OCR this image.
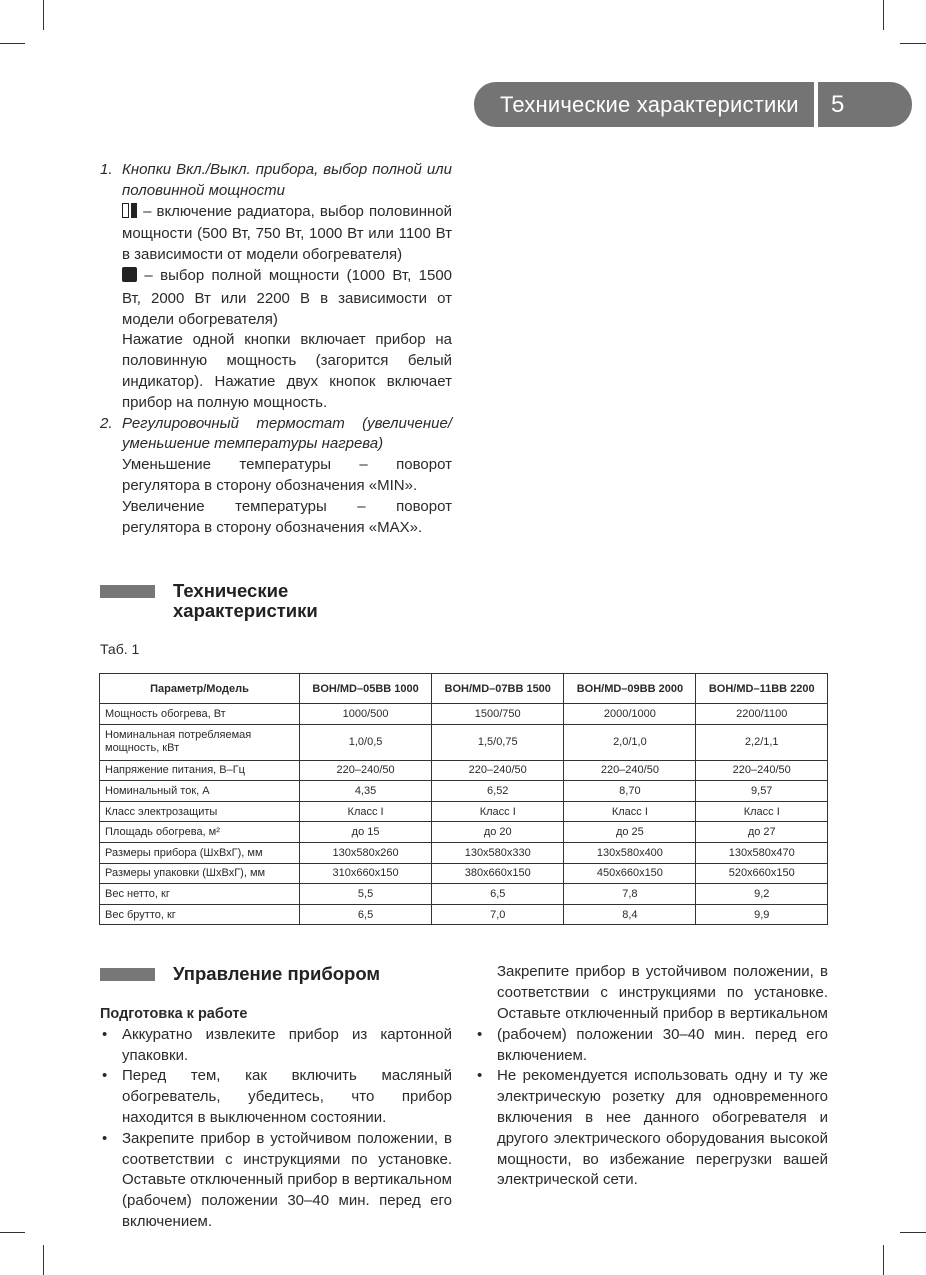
Технические характеристики	5
1. Кнопки Вкл./Выкл. прибора, выбор полной или половинной мощности
– включение радиатора, выбор половинной мощности (500 Вт, 750 Вт, 1000 Вт или 1100 Вт в зависимости от модели обогревателя)
– выбор полной мощности (1000 Вт, 1500 Вт, 2000 Вт или 2200 В в зависимости от модели обогревателя)
Нажатие одной кнопки включает прибор на половинную мощность (загорится белый индикатор). Нажатие двух кнопок включает прибор на полную мощность.
2. Регулировочный термостат (увеличение/уменьшение температуры нагрева)
Уменьшение температуры – поворот регулятора в сторону обозначения «MIN».
Увеличение температуры – поворот регулятора в сторону обозначения «MAX».
Технические характеристики
Таб. 1
Параметр/Модель	BOH/MD–05BB 1000	BOH/MD–07BB 1500	BOH/MD–09BB 2000	BOH/MD–11BB 2200
Мощность обогрева, Вт	1000/500	1500/750	2000/1000	2200/1100
Номинальная потребляемая мощность, кВт	1,0/0,5	1,5/0,75	2,0/1,0	2,2/1,1
Напряжение питания, В–Гц	220–240/50	220–240/50	220–240/50	220–240/50
Номинальный ток, А	4,35	6,52	8,70	9,57
Класс электрозащиты	Класс I	Класс I	Класс I	Класс I
Площадь обогрева, м²	до 15	до 20	до 25	до 27
Размеры прибора (ШхВхГ), мм	130х580х260	130х580х330	130х580х400	130х580х470
Размеры упаковки (ШхВхГ), мм	310х660х150	380х660х150	450х660х150	520х660х150
Вес нетто, кг	5,5	6,5	7,8	9,2
Вес брутто, кг	6,5	7,0	8,4	9,9
Управление прибором
Подготовка к работе
• Аккуратно извлеките прибор из картонной упаковки.
• Перед тем, как включить масляный обогреватель, убедитесь, что прибор находится в выключенном состоянии.
• Закрепите прибор в устойчивом положении, в соответствии с инструкциями по установке. Оставьте отключенный прибор в вертикальном (рабочем) положении 30–40 мин. перед его включением.
• Закрепите прибор в устойчивом положении, в соответствии с инструкциями по установке. Оставьте отключенный прибор в вертикальном (рабочем) положении 30–40 мин. перед его включением.
• Не рекомендуется использовать одну и ту же электрическую розетку для одновременного включения в нее данного обогревателя и другого электрического оборудования высокой мощности, во избежание перегрузки вашей электрической сети.
